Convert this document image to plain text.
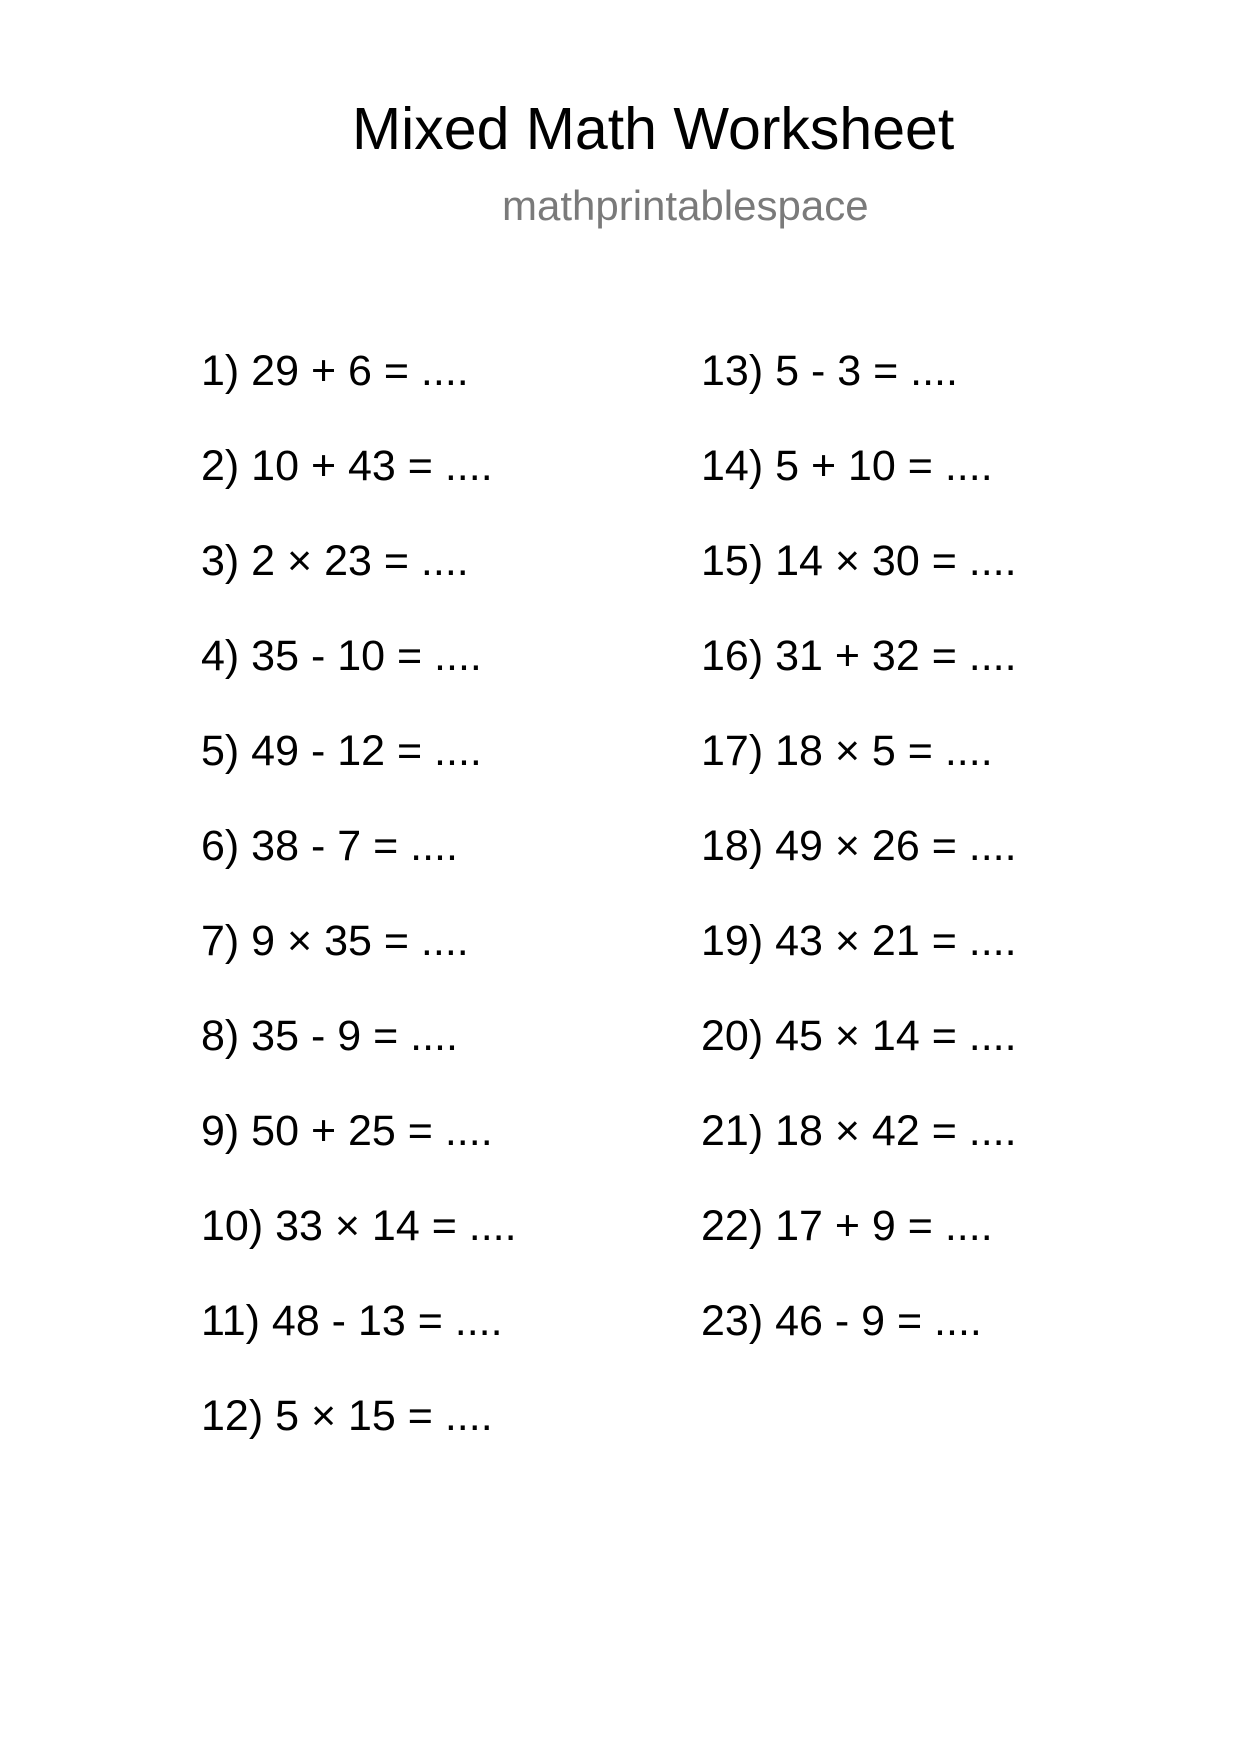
Mixed Math Worksheet
mathprintablespace
1) 29 + 6 = ....
2) 10 + 43 = ....
3) 2 × 23 = ....
4) 35 - 10 = ....
5) 49 - 12 = ....
6) 38 - 7 = ....
7) 9 × 35 = ....
8) 35 - 9 = ....
9) 50 + 25 = ....
10) 33 × 14 = ....
11) 48 - 13 = ....
12) 5 × 15 = ....
13) 5 - 3 = ....
14) 5 + 10 = ....
15) 14 × 30 = ....
16) 31 + 32 = ....
17) 18 × 5 = ....
18) 49 × 26 = ....
19) 43 × 21 = ....
20) 45 × 14 = ....
21) 18 × 42 = ....
22) 17 + 9 = ....
23) 46 - 9 = ....
